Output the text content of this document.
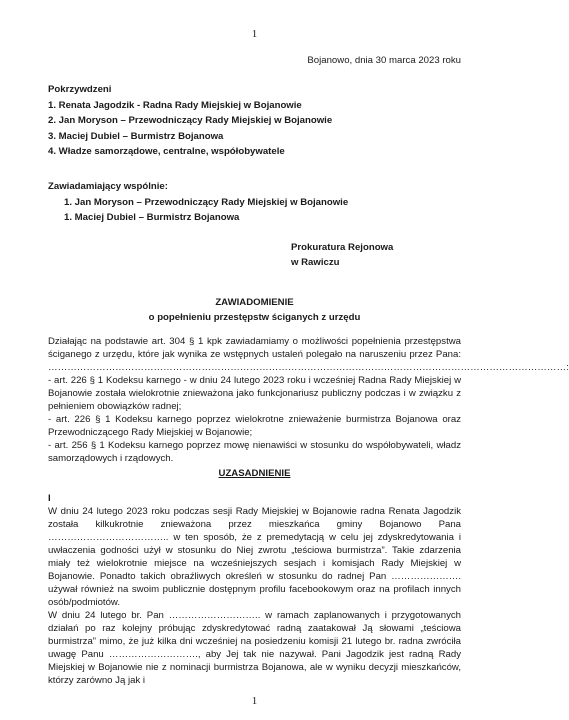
1
Bojanowo, dnia 30 marca 2023 roku
Pokrzywdzeni
1. Renata Jagodzik - Radna Rady Miejskiej w Bojanowie
2. Jan Moryson – Przewodniczący Rady Miejskiej w Bojanowie
3. Maciej Dubiel – Burmistrz Bojanowa
4. Władze samorządowe, centralne, współobywatele
Zawiadamiający wspólnie:
1. Jan Moryson – Przewodniczący Rady Miejskiej w Bojanowie
1. Maciej Dubiel – Burmistrz Bojanowa
Prokuratura Rejonowa
w Rawiczu
ZAWIADOMIENIE
o popełnieniu przestępstw ściganych z urzędu

Działając na podstawie art. 304 § 1 kpk zawiadamiamy o możliwości popełnienia przestępstwa ściganego z urzędu, które jak wynika ze wstępnych ustaleń polegało na naruszeniu przez Pana: ………………………………………………………………………………………………………………………………………………:

- art. 226 § 1 Kodeksu karnego - w dniu 24 lutego 2023 roku i wcześniej Radna Rady Miejskiej w Bojanowie została wielokrotnie znieważona jako funkcjonariusz publiczny podczas i w związku z pełnieniem obowiązków radnej;

- art. 226 § 1 Kodeksu karnego poprzez wielokrotne znieważenie burmistrza Bojanowa oraz Przewodniczącego Rady Miejskiej w Bojanowie;

- art. 256 § 1 Kodeksu karnego poprzez mowę nienawiści w stosunku do współobywateli, władz samorządowych i rządowych.

UZASADNIENIE
I

W dniu 24 lutego 2023 roku podczas sesji Rady Miejskiej w Bojanowie radna Renata Jagodzik została kilkukrotnie znieważona przez mieszkańca gminy Bojanowo Pana ……………………………….. w ten sposób, że z premedytacją w celu jej zdyskredytowania i uwłaczenia godności użył w stosunku do Niej zwrotu „teściowa burmistrza”. Takie zdarzenia miały też wielokrotnie miejsce na wcześniejszych sesjach i komisjach Rady Miejskiej w Bojanowie. Ponadto takich obraźliwych określeń w stosunku do radnej Pan …………………. używał również na swoim publicznie dostępnym profilu facebookowym oraz na profilach innych osób/podmiotów.

W dniu 24 lutego br. Pan ……………………….. w ramach zaplanowanych i przygotowanych działań po raz kolejny próbując zdyskredytować radną zaatakował Ją słowami „teściowa burmistrza” mimo, że już kilka dni wcześniej na posiedzeniu komisji 21 lutego br. radna zwróciła uwagę Panu ………………………., aby Jej tak nie nazywał. Pani Jagodzik jest radną Rady Miejskiej w Bojanowie nie z nominacji burmistrza Bojanowa, ale w wyniku decyzji mieszkańców, którzy zarówno Ją jak i

1
